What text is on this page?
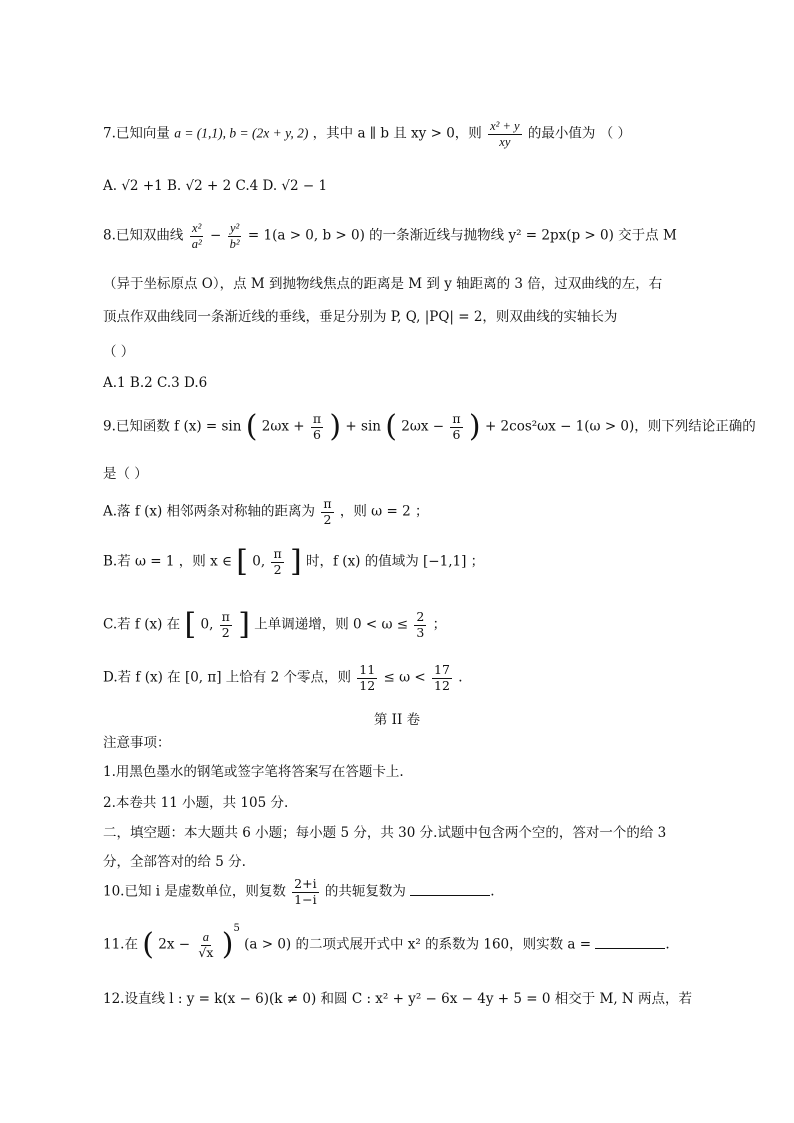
7.已知向量 a = (1,1), b = (2x + y, 2) ，其中 a ∥ b 且 xy > 0，则 $\frac{\text{x² + y}}{xy}$ 的最小值为 （ ）
A. √2 +1 B. √2 + 2 C.4 D. √2 − 1
8.已知双曲线 $\frac{\text{x²}}{\text{a²}} - \frac{\text{y²}}{\text{b²}} = 1(a > 0$, b > 0) 的一条渐近线与抛物线 y² = 2px(p > 0) 交于点 M
（异于坐标原点 O），点 M 到抛物线焦点的距离是 M 到 y 轴距离的 3 倍，过双曲线的左，右
顶点作双曲线同一条渐近线的垂线，垂足分别为 P, Q, |PQ| = 2，则双曲线的实轴长为
（ ）
A.1 B.2 C.3 D.6
9.已知函数 f (x) = sin ( $2\omega x + \frac{\pi}{6}$ ) + sin ( $2\omega x - \frac{\pi}{6}$ ) + 2cos²ωx − 1(ω > 0)，则下列结论正确的
是（ ）
A.落 f (x) 相邻两条对称轴的距离为 $\frac{\pi}{2}$ ，则 ω = 2 ；
B.若 ω = 1 ，则 x ∈ [ 0, $\frac{\pi}{2}$ ] 时，f (x) 的值域为 [−1,1] ；
C.若 f (x) 在 [ 0, $\frac{\pi}{2}$ ] 上单调递增，则 $0 < \omega \le \frac{2}{3}$ ；
D.若 f (x) 在 [0, π] 上恰有 2 个零点，则 $\frac{11}{12} \le \omega < \frac{17}{12}$ .
第 II 卷
注意事项：
1.用黑色墨水的钢笔或签字笔将答案写在答题卡上.
2.本卷共 11 小题，共 105 分.
二，填空题：本大题共 6 小题；每小题 5 分，共 30 分.试题中包含两个空的，答对一个的给 3
分，全部答对的给 5 分.
10.已知 i 是虚数单位，则复数 $\frac{2+i}{1-i}$ 的共轭复数为	.
11.在 ( $2x - \frac{a}{√x} )^5$ (a > 0) 的二项式展开式中 x² 的系数为 160，则实数 a =	.
12.设直线 l : y = k(x − 6)(k ≠ 0) 和圆 C : x² + y² − 6x − 4y + 5 = 0 相交于 M, N 两点，若
